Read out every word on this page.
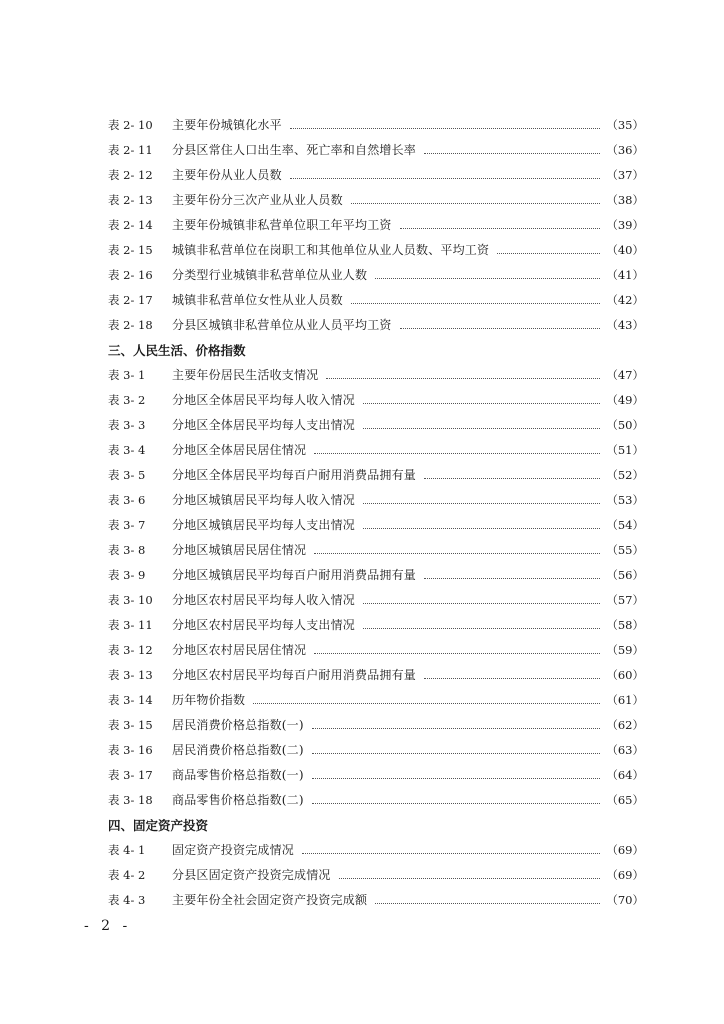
表 2- 10	主要年份城镇化水平	（35）
表 2- 11	分县区常住人口出生率、死亡率和自然增长率	（36）
表 2- 12	主要年份从业人员数	（37）
表 2- 13	主要年份分三次产业从业人员数	（38）
表 2- 14	主要年份城镇非私营单位职工年平均工资	（39）
表 2- 15	城镇非私营单位在岗职工和其他单位从业人员数、平均工资	（40）
表 2- 16	分类型行业城镇非私营单位从业人数	（41）
表 2- 17	城镇非私营单位女性从业人员数	（42）
表 2- 18	分县区城镇非私营单位从业人员平均工资	（43）
三、人民生活、价格指数
表 3- 1	主要年份居民生活收支情况	（47）
表 3- 2	分地区全体居民平均每人收入情况	（49）
表 3- 3	分地区全体居民平均每人支出情况	（50）
表 3- 4	分地区全体居民居住情况	（51）
表 3- 5	分地区全体居民平均每百户耐用消费品拥有量	（52）
表 3- 6	分地区城镇居民平均每人收入情况	（53）
表 3- 7	分地区城镇居民平均每人支出情况	（54）
表 3- 8	分地区城镇居民居住情况	（55）
表 3- 9	分地区城镇居民平均每百户耐用消费品拥有量	（56）
表 3- 10	分地区农村居民平均每人收入情况	（57）
表 3- 11	分地区农村居民平均每人支出情况	（58）
表 3- 12	分地区农村居民居住情况	（59）
表 3- 13	分地区农村居民平均每百户耐用消费品拥有量	（60）
表 3- 14	历年物价指数	（61）
表 3- 15	居民消费价格总指数(一)	（62）
表 3- 16	居民消费价格总指数(二)	（63）
表 3- 17	商品零售价格总指数(一)	（64）
表 3- 18	商品零售价格总指数(二)	（65）
四、固定资产投资
表 4- 1	固定资产投资完成情况	（69）
表 4- 2	分县区固定资产投资完成情况	（69）
表 4- 3	主要年份全社会固定资产投资完成额	（70）
- 2 -
